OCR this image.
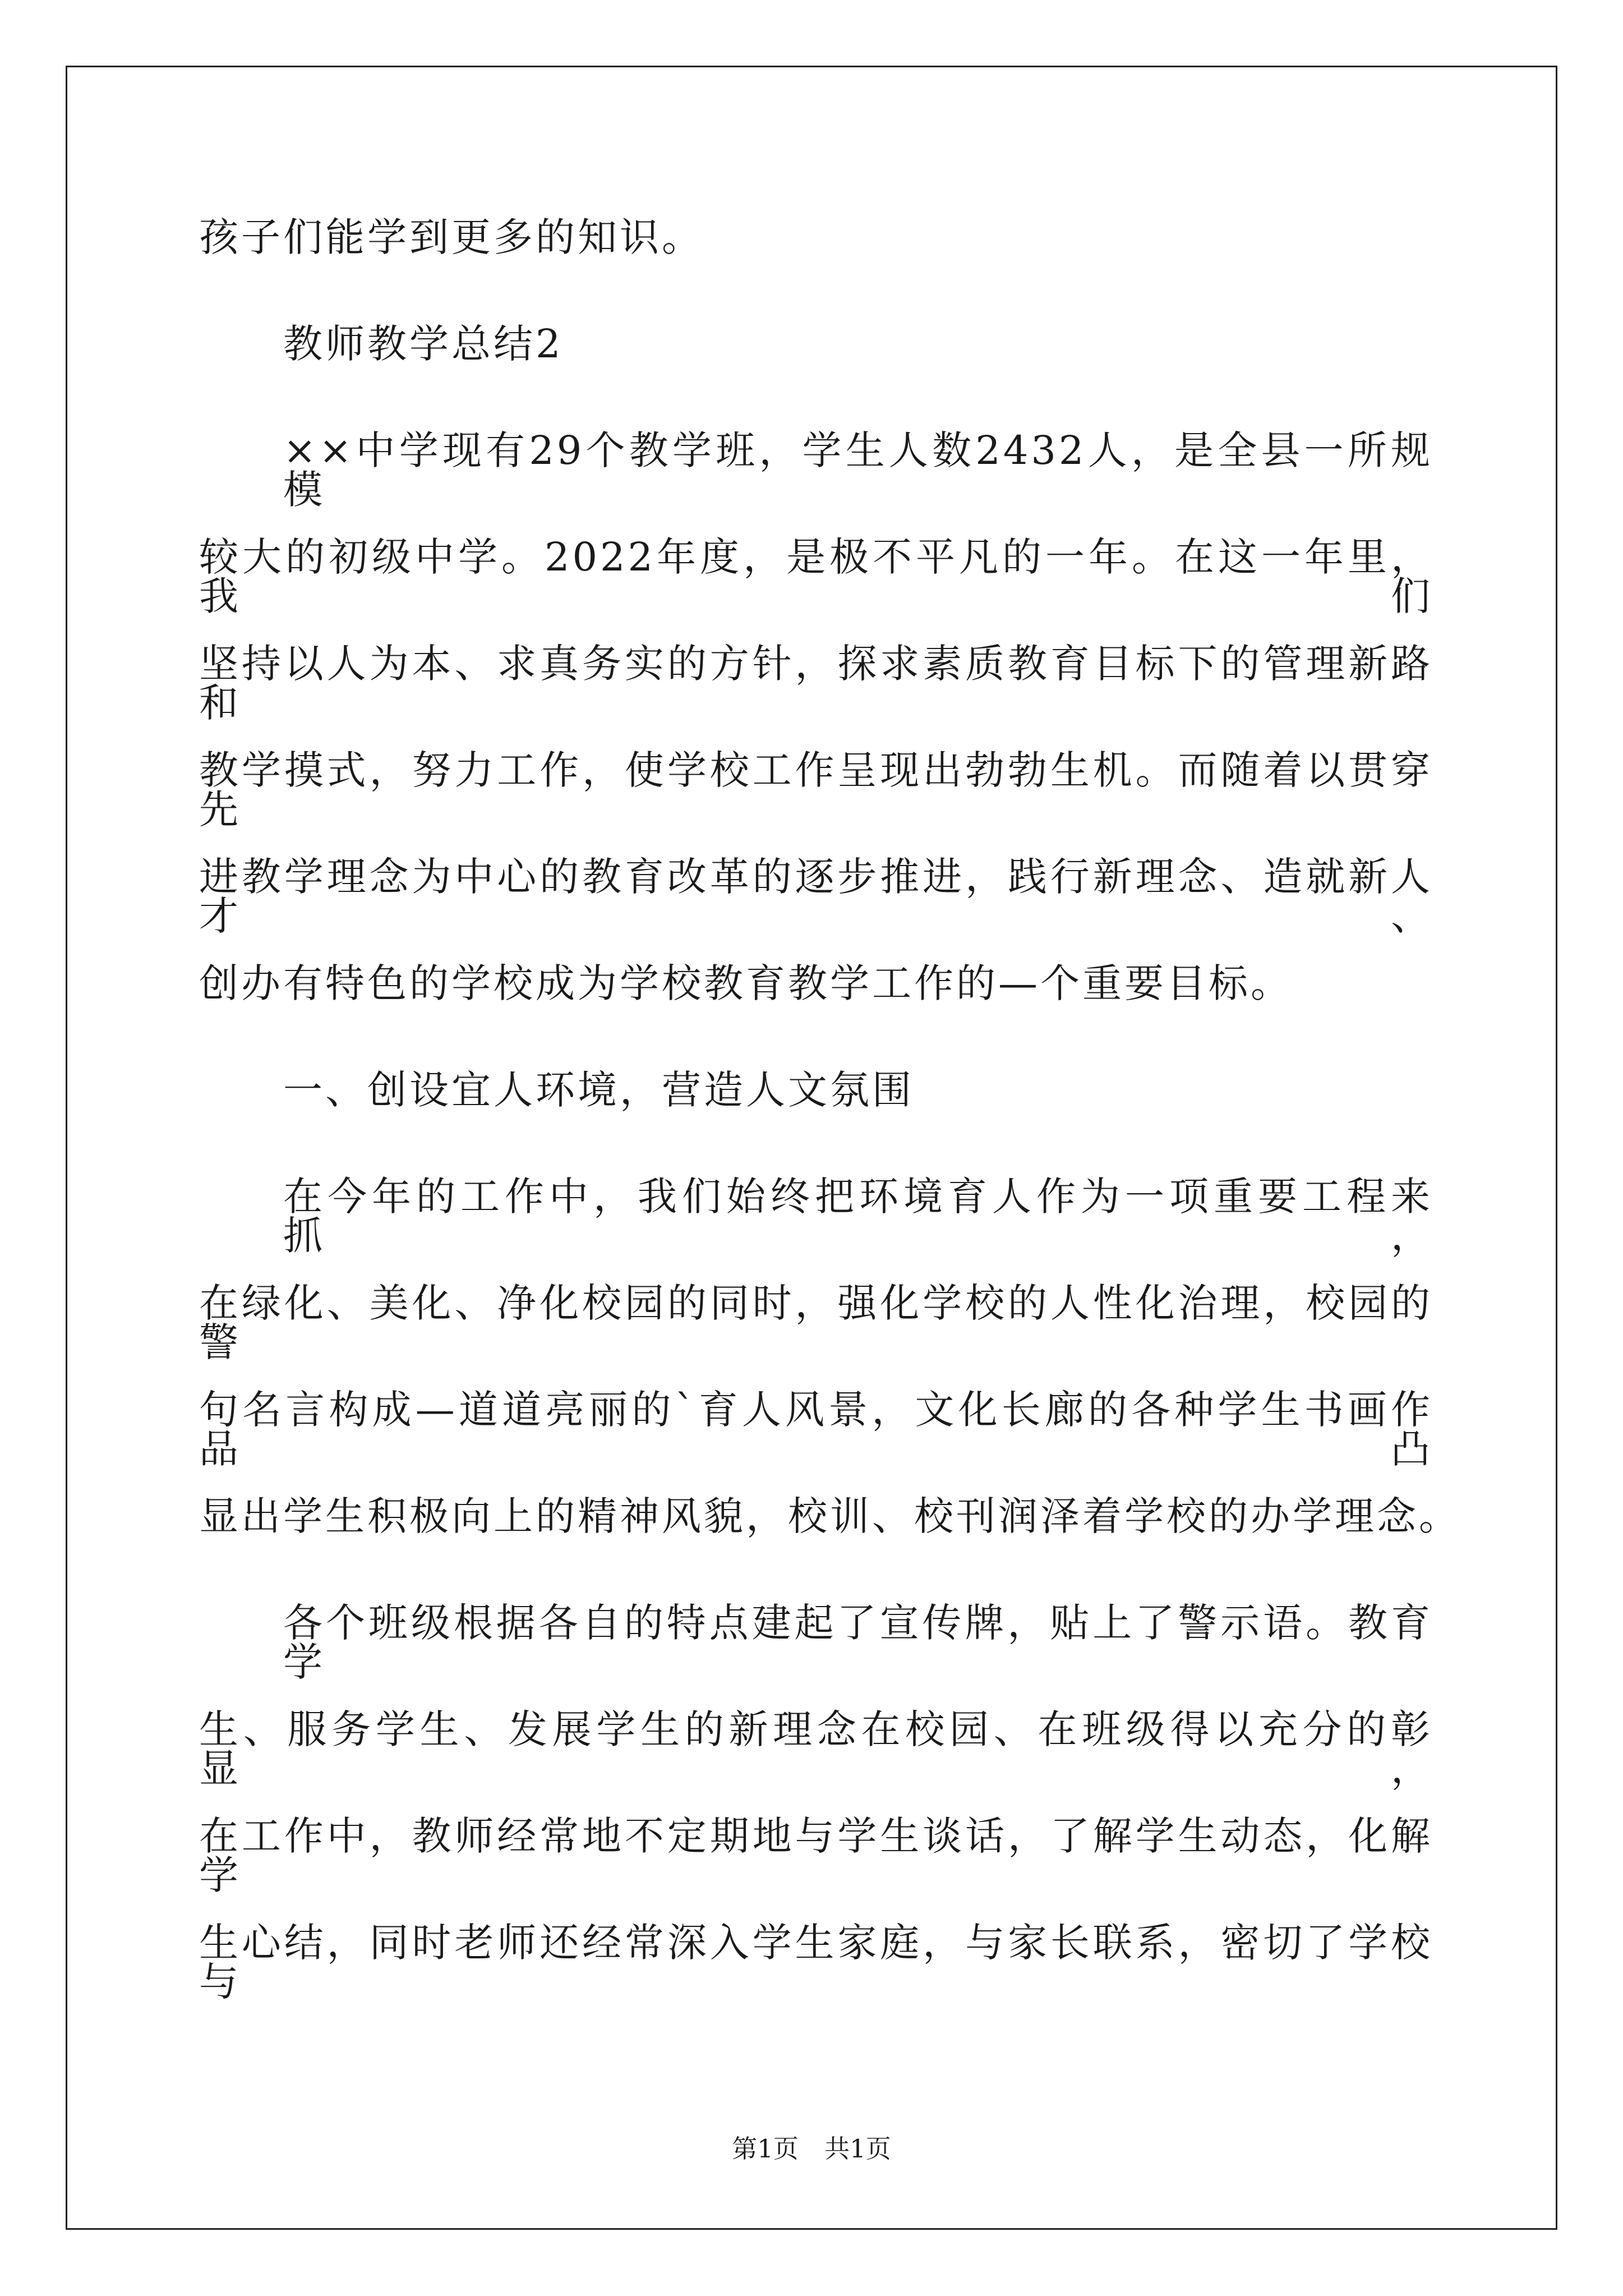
孩子们能学到更多的知识。
教师教学总结2
××中学现有29个教学班，学生人数2432人，是全县一所规模
较大的初级中学。2022年度，是极不平凡的一年。在这一年里，我们
坚持以人为本、求真务实的方针，探求素质教育目标下的管理新路和
教学摸式，努力工作，使学校工作呈现出勃勃生机。而随着以贯穿先
进教学理念为中心的教育改革的逐步推进，践行新理念、造就新人才、
创办有特色的学校成为学校教育教学工作的—个重要目标。
一、创设宜人环境，营造人文氛围
在今年的工作中，我们始终把环境育人作为一项重要工程来抓，
在绿化、美化、净化校园的同时，强化学校的人性化治理，校园的警
句名言构成—道道亮丽的`育人风景，文化长廊的各种学生书画作品凸
显出学生积极向上的精神风貌，校训、校刊润泽着学校的办学理念。
各个班级根据各自的特点建起了宣传牌，贴上了警示语。教育学
生、服务学生、发展学生的新理念在校园、在班级得以充分的彰显，
在工作中，教师经常地不定期地与学生谈话，了解学生动态，化解学
生心结，同时老师还经常深入学生家庭，与家长联系，密切了学校与
第1页 共1页
